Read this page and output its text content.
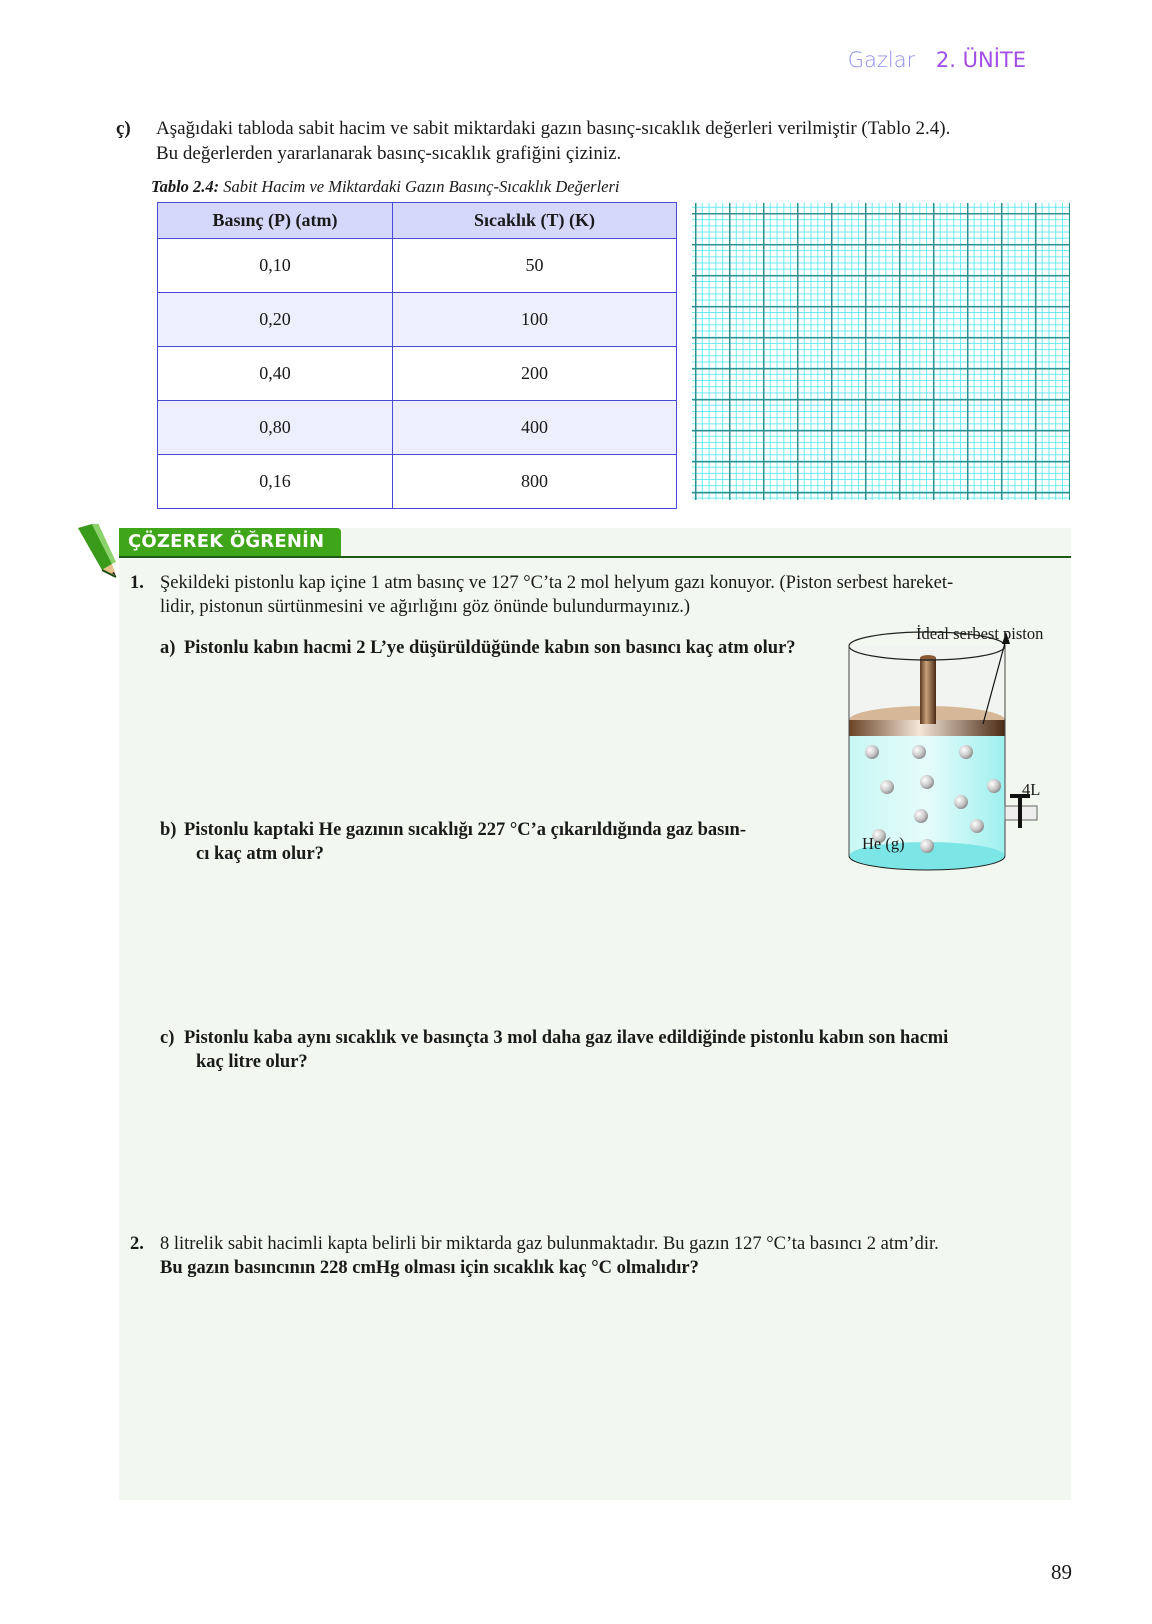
Gazlar 2. ÜNİTE
ç) Aşağıdaki tabloda sabit hacim ve sabit miktardaki gazın basınç-sıcaklık değerleri verilmiştir (Tablo 2.4).
Bu değerlerden yararlanarak basınç-sıcaklık grafiğini çiziniz.
Tablo 2.4: Sabit Hacim ve Miktardaki Gazın Basınç-Sıcaklık Değerleri
Basınç (P) (atm)	Sıcaklık (T) (K)
0,10	50
0,20	100
0,40	200
0,80	400
0,16	800
ÇÖZEREK ÖĞRENİN
1. Şekildeki pistonlu kap içine 1 atm basınç ve 127 °C’ta 2 mol helyum gazı konuyor. (Piston serbest hareket-
lidir, pistonun sürtünmesini ve ağırlığını göz önünde bulundurmayınız.)
a) Pistonlu kabın hacmi 2 L’ye düşürüldüğünde kabın son basıncı kaç atm olur?
b) Pistonlu kaptaki He gazının sıcaklığı 227 °C’a çıkarıldığında gaz basın-
cı kaç atm olur?
c) Pistonlu kaba aynı sıcaklık ve basınçta 3 mol daha gaz ilave edildiğinde pistonlu kabın son hacmi
kaç litre olur?
İdeal serbest piston
4L
He (g)
2. 8 litrelik sabit hacimli kapta belirli bir miktarda gaz bulunmaktadır. Bu gazın 127 °C’ta basıncı 2 atm’dir.
Bu gazın basıncının 228 cmHg olması için sıcaklık kaç °C olmalıdır?
89
